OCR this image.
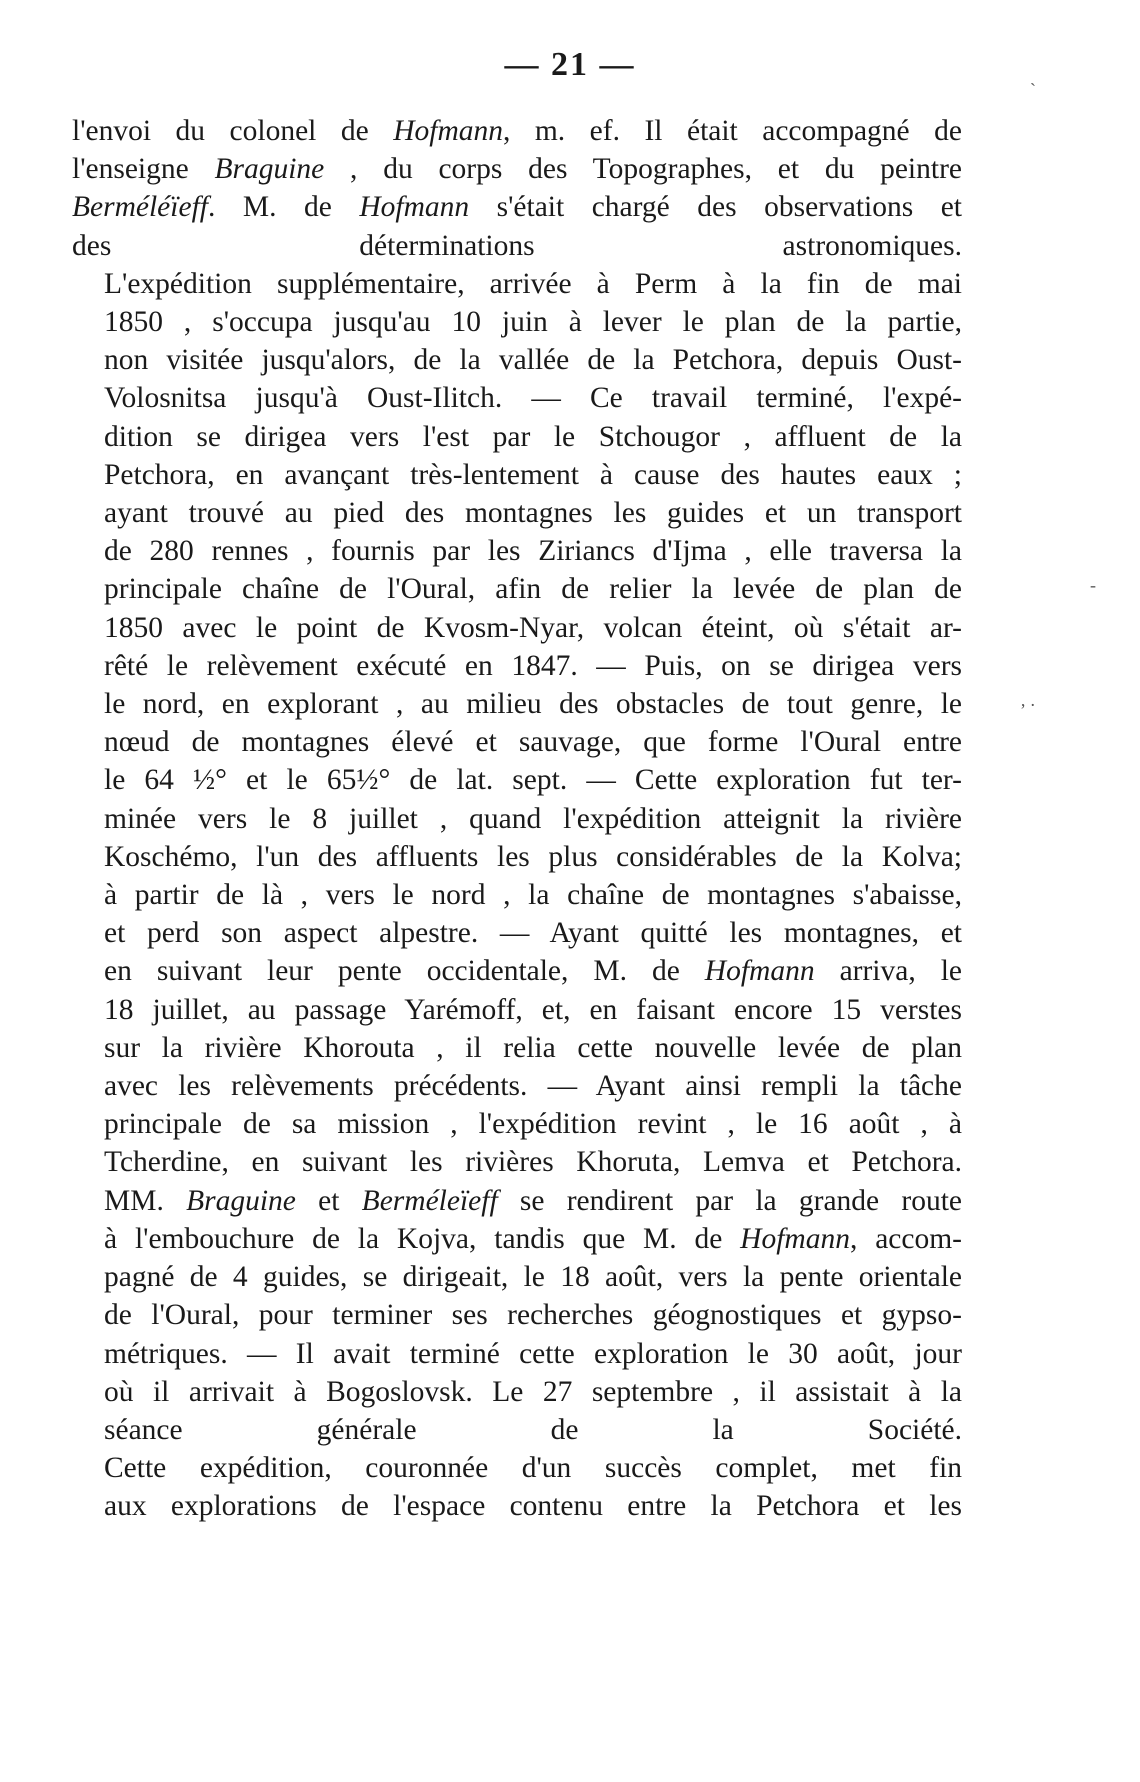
— 21 —

l'envoi du colonel de Hofmann, m. ef. Il était accompagné de
l'enseigne Braguine , du corps des Topographes, et du peintre
Berméléïeff. M. de Hofmann s'était chargé des observations et
des déterminations astronomiques.

L'expédition supplémentaire, arrivée à Perm à la fin de mai
1850 , s'occupa jusqu'au 10 juin à lever le plan de la partie,
non visitée jusqu'alors, de la vallée de la Petchora, depuis Oust-
Volosnitsa jusqu'à Oust-Ilitch. — Ce travail terminé, l'expé-
dition se dirigea vers l'est par le Stchougor , affluent de la
Petchora, en avançant très-lentement à cause des hautes eaux ;
ayant trouvé au pied des montagnes les guides et un transport
de 280 rennes , fournis par les Ziriancs d'Ijma , elle traversa la
principale chaîne de l'Oural, afin de relier la levée de plan de
1850 avec le point de Kvosm-Nyar, volcan éteint, où s'était ar-
rêté le relèvement exécuté en 1847. — Puis, on se dirigea vers
le nord, en explorant , au milieu des obstacles de tout genre, le
nœud de montagnes élevé et sauvage, que forme l'Oural entre
le 64 ½° et le 65½° de lat. sept. — Cette exploration fut ter-
minée vers le 8 juillet , quand l'expédition atteignit la rivière
Koschémo, l'un des affluents les plus considérables de la Kolva;
à partir de là , vers le nord , la chaîne de montagnes s'abaisse,
et perd son aspect alpestre. — Ayant quitté les montagnes, et
en suivant leur pente occidentale, M. de Hofmann arriva, le
18 juillet, au passage Yarémoff, et, en faisant encore 15 verstes
sur la rivière Khorouta , il relia cette nouvelle levée de plan
avec les relèvements précédents. — Ayant ainsi rempli la tâche
principale de sa mission , l'expédition revint , le 16 août , à
Tcherdine, en suivant les rivières Khoruta, Lemva et Petchora.
MM. Braguine et Berméleïeff se rendirent par la grande route
à l'embouchure de la Kojva, tandis que M. de Hofmann, accom-
pagné de 4 guides, se dirigeait, le 18 août, vers la pente orientale
de l'Oural, pour terminer ses recherches géognostiques et gypso-
métriques. — Il avait terminé cette exploration le 30 août, jour
où il arrivait à Bogoslovsk. Le 27 septembre , il assistait à la
séance générale de la Société.

Cette expédition, couronnée d'un succès complet, met fin
aux explorations de l'espace contenu entre la Petchora et les

ˋ
-
‚ .
